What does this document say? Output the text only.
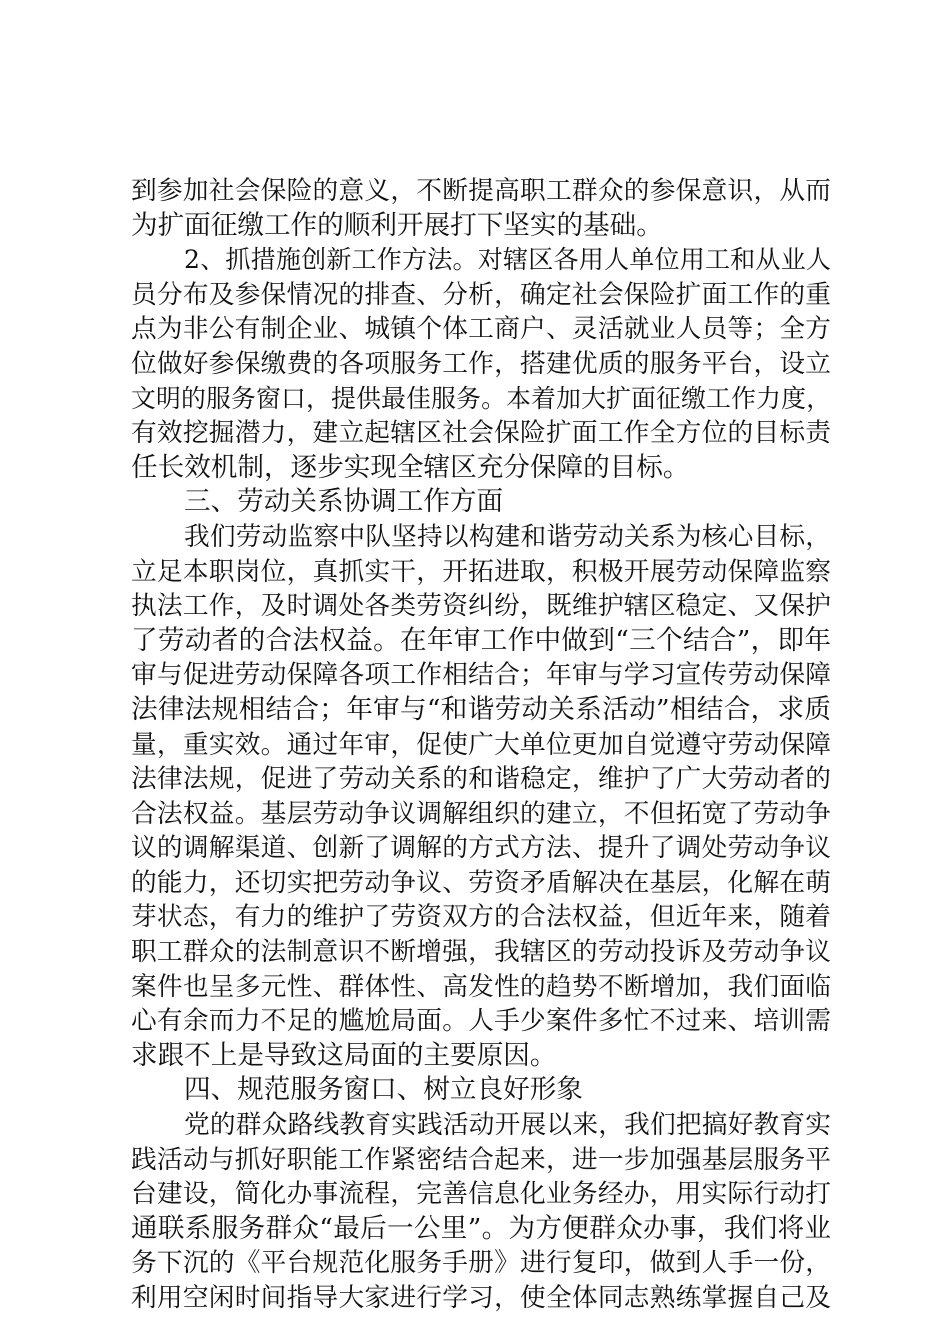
到参加社会保险的意义，不断提高职工群众的参保意识，从而
为扩面征缴工作的顺利开展打下坚实的基础。
2、抓措施创新工作方法。对辖区各用人单位用工和从业人
员分布及参保情况的排查、分析，确定社会保险扩面工作的重
点为非公有制企业、城镇个体工商户、灵活就业人员等；全方
位做好参保缴费的各项服务工作，搭建优质的服务平台，设立
文明的服务窗口，提供最佳服务。本着加大扩面征缴工作力度，
有效挖掘潜力，建立起辖区社会保险扩面工作全方位的目标责
任长效机制，逐步实现全辖区充分保障的目标。
三、劳动关系协调工作方面
我们劳动监察中队坚持以构建和谐劳动关系为核心目标，
立足本职岗位，真抓实干，开拓进取，积极开展劳动保障监察
执法工作，及时调处各类劳资纠纷，既维护辖区稳定、又保护
了劳动者的合法权益。在年审工作中做到“三个结合”，即年
审与促进劳动保障各项工作相结合；年审与学习宣传劳动保障
法律法规相结合；年审与“和谐劳动关系活动”相结合，求质
量，重实效。通过年审，促使广大单位更加自觉遵守劳动保障
法律法规，促进了劳动关系的和谐稳定，维护了广大劳动者的
合法权益。基层劳动争议调解组织的建立，不但拓宽了劳动争
议的调解渠道、创新了调解的方式方法、提升了调处劳动争议
的能力，还切实把劳动争议、劳资矛盾解决在基层，化解在萌
芽状态，有力的维护了劳资双方的合法权益，但近年来，随着
职工群众的法制意识不断增强，我辖区的劳动投诉及劳动争议
案件也呈多元性、群体性、高发性的趋势不断增加，我们面临
心有余而力不足的尴尬局面。人手少案件多忙不过来、培训需
求跟不上是导致这局面的主要原因。
四、规范服务窗口、树立良好形象
党的群众路线教育实践活动开展以来，我们把搞好教育实
践活动与抓好职能工作紧密结合起来，进一步加强基层服务平
台建设，简化办事流程，完善信息化业务经办，用实际行动打
通联系服务群众“最后一公里”。为方便群众办事，我们将业
务下沉的《平台规范化服务手册》进行复印，做到人手一份，
利用空闲时间指导大家进行学习，使全体同志熟练掌握自己及
